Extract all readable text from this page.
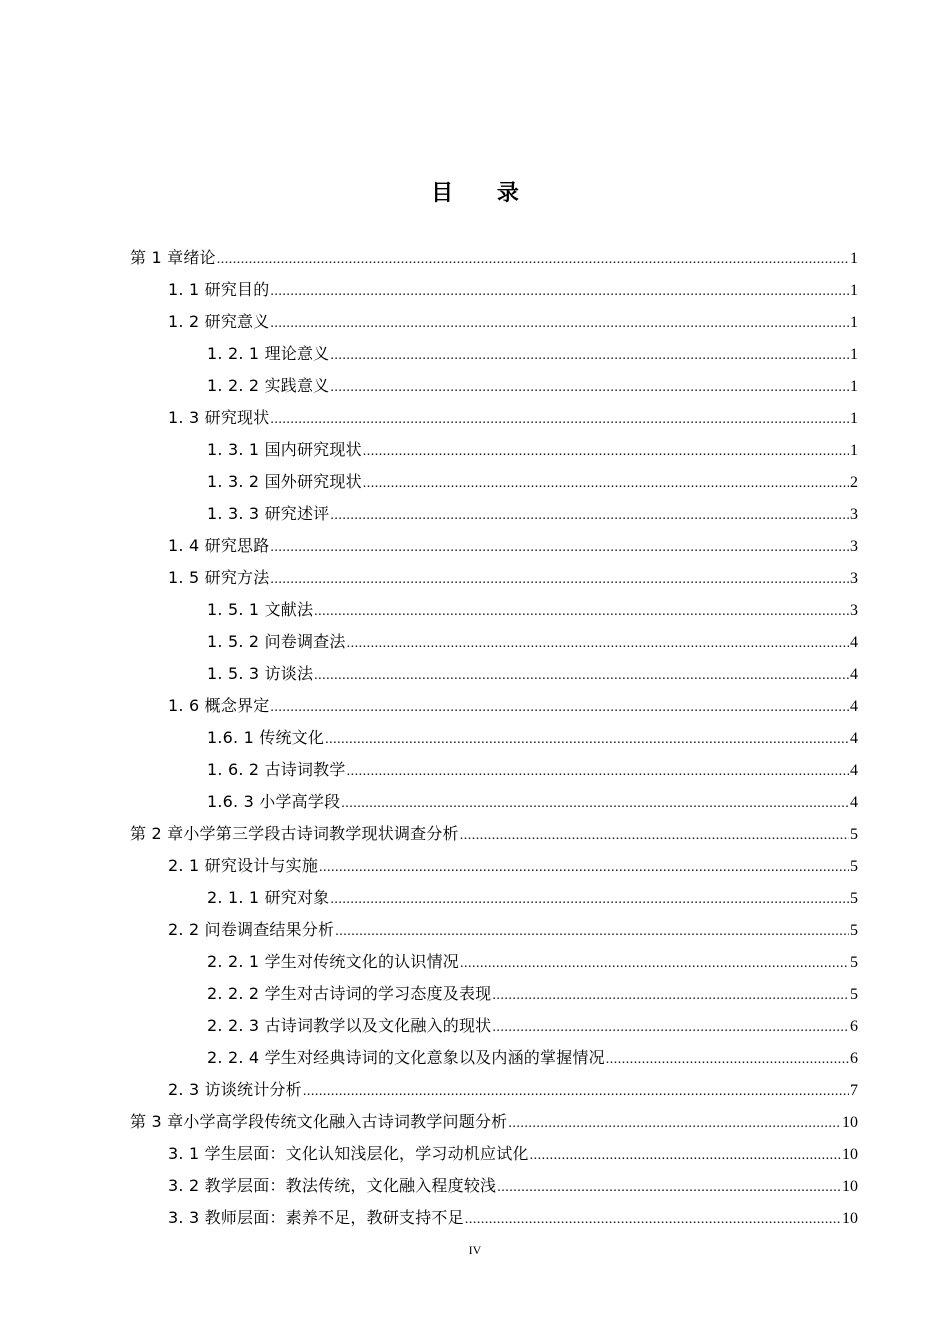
目 录
第 1 章绪论 .....	1
1. 1 研究目的 .....	1
1. 2 研究意义 .....	1
1. 2. 1 理论意义 .....	1
1. 2. 2 实践意义 .....	1
1. 3 研究现状 .....	1
1. 3. 1 国内研究现状 .....	1
1. 3. 2 国外研究现状 .....	2
1. 3. 3 研究述评 .....	3
1. 4 研究思路 .....	3
1. 5 研究方法 .....	3
1. 5. 1 文献法 .....	3
1. 5. 2 问卷调查法 .....	4
1. 5. 3 访谈法 .....	4
1. 6 概念界定 .....	4
1.6. 1 传统文化 .....	4
1. 6. 2 古诗词教学 .....	4
1.6. 3 小学高学段 .....	4
第 2 章小学第三学段古诗词教学现状调查分析 .....	5
2. 1 研究设计与实施 .....	5
2. 1. 1 研究对象 .....	5
2. 2 问卷调查结果分析 .....	5
2. 2. 1 学生对传统文化的认识情况 .....	5
2. 2. 2 学生对古诗词的学习态度及表现 .....	5
2. 2. 3 古诗词教学以及文化融入的现状 .....	6
2. 2. 4 学生对经典诗词的文化意象以及内涵的掌握情况 .....	6
2. 3 访谈统计分析 .....	7
第 3 章小学高学段传统文化融入古诗词教学问题分析 .....	10
3. 1 学生层面：文化认知浅层化，学习动机应试化 .....	10
3. 2 教学层面：教法传统，文化融入程度较浅 .....	10
3. 3 教师层面：素养不足，教研支持不足 .....	10
IV
